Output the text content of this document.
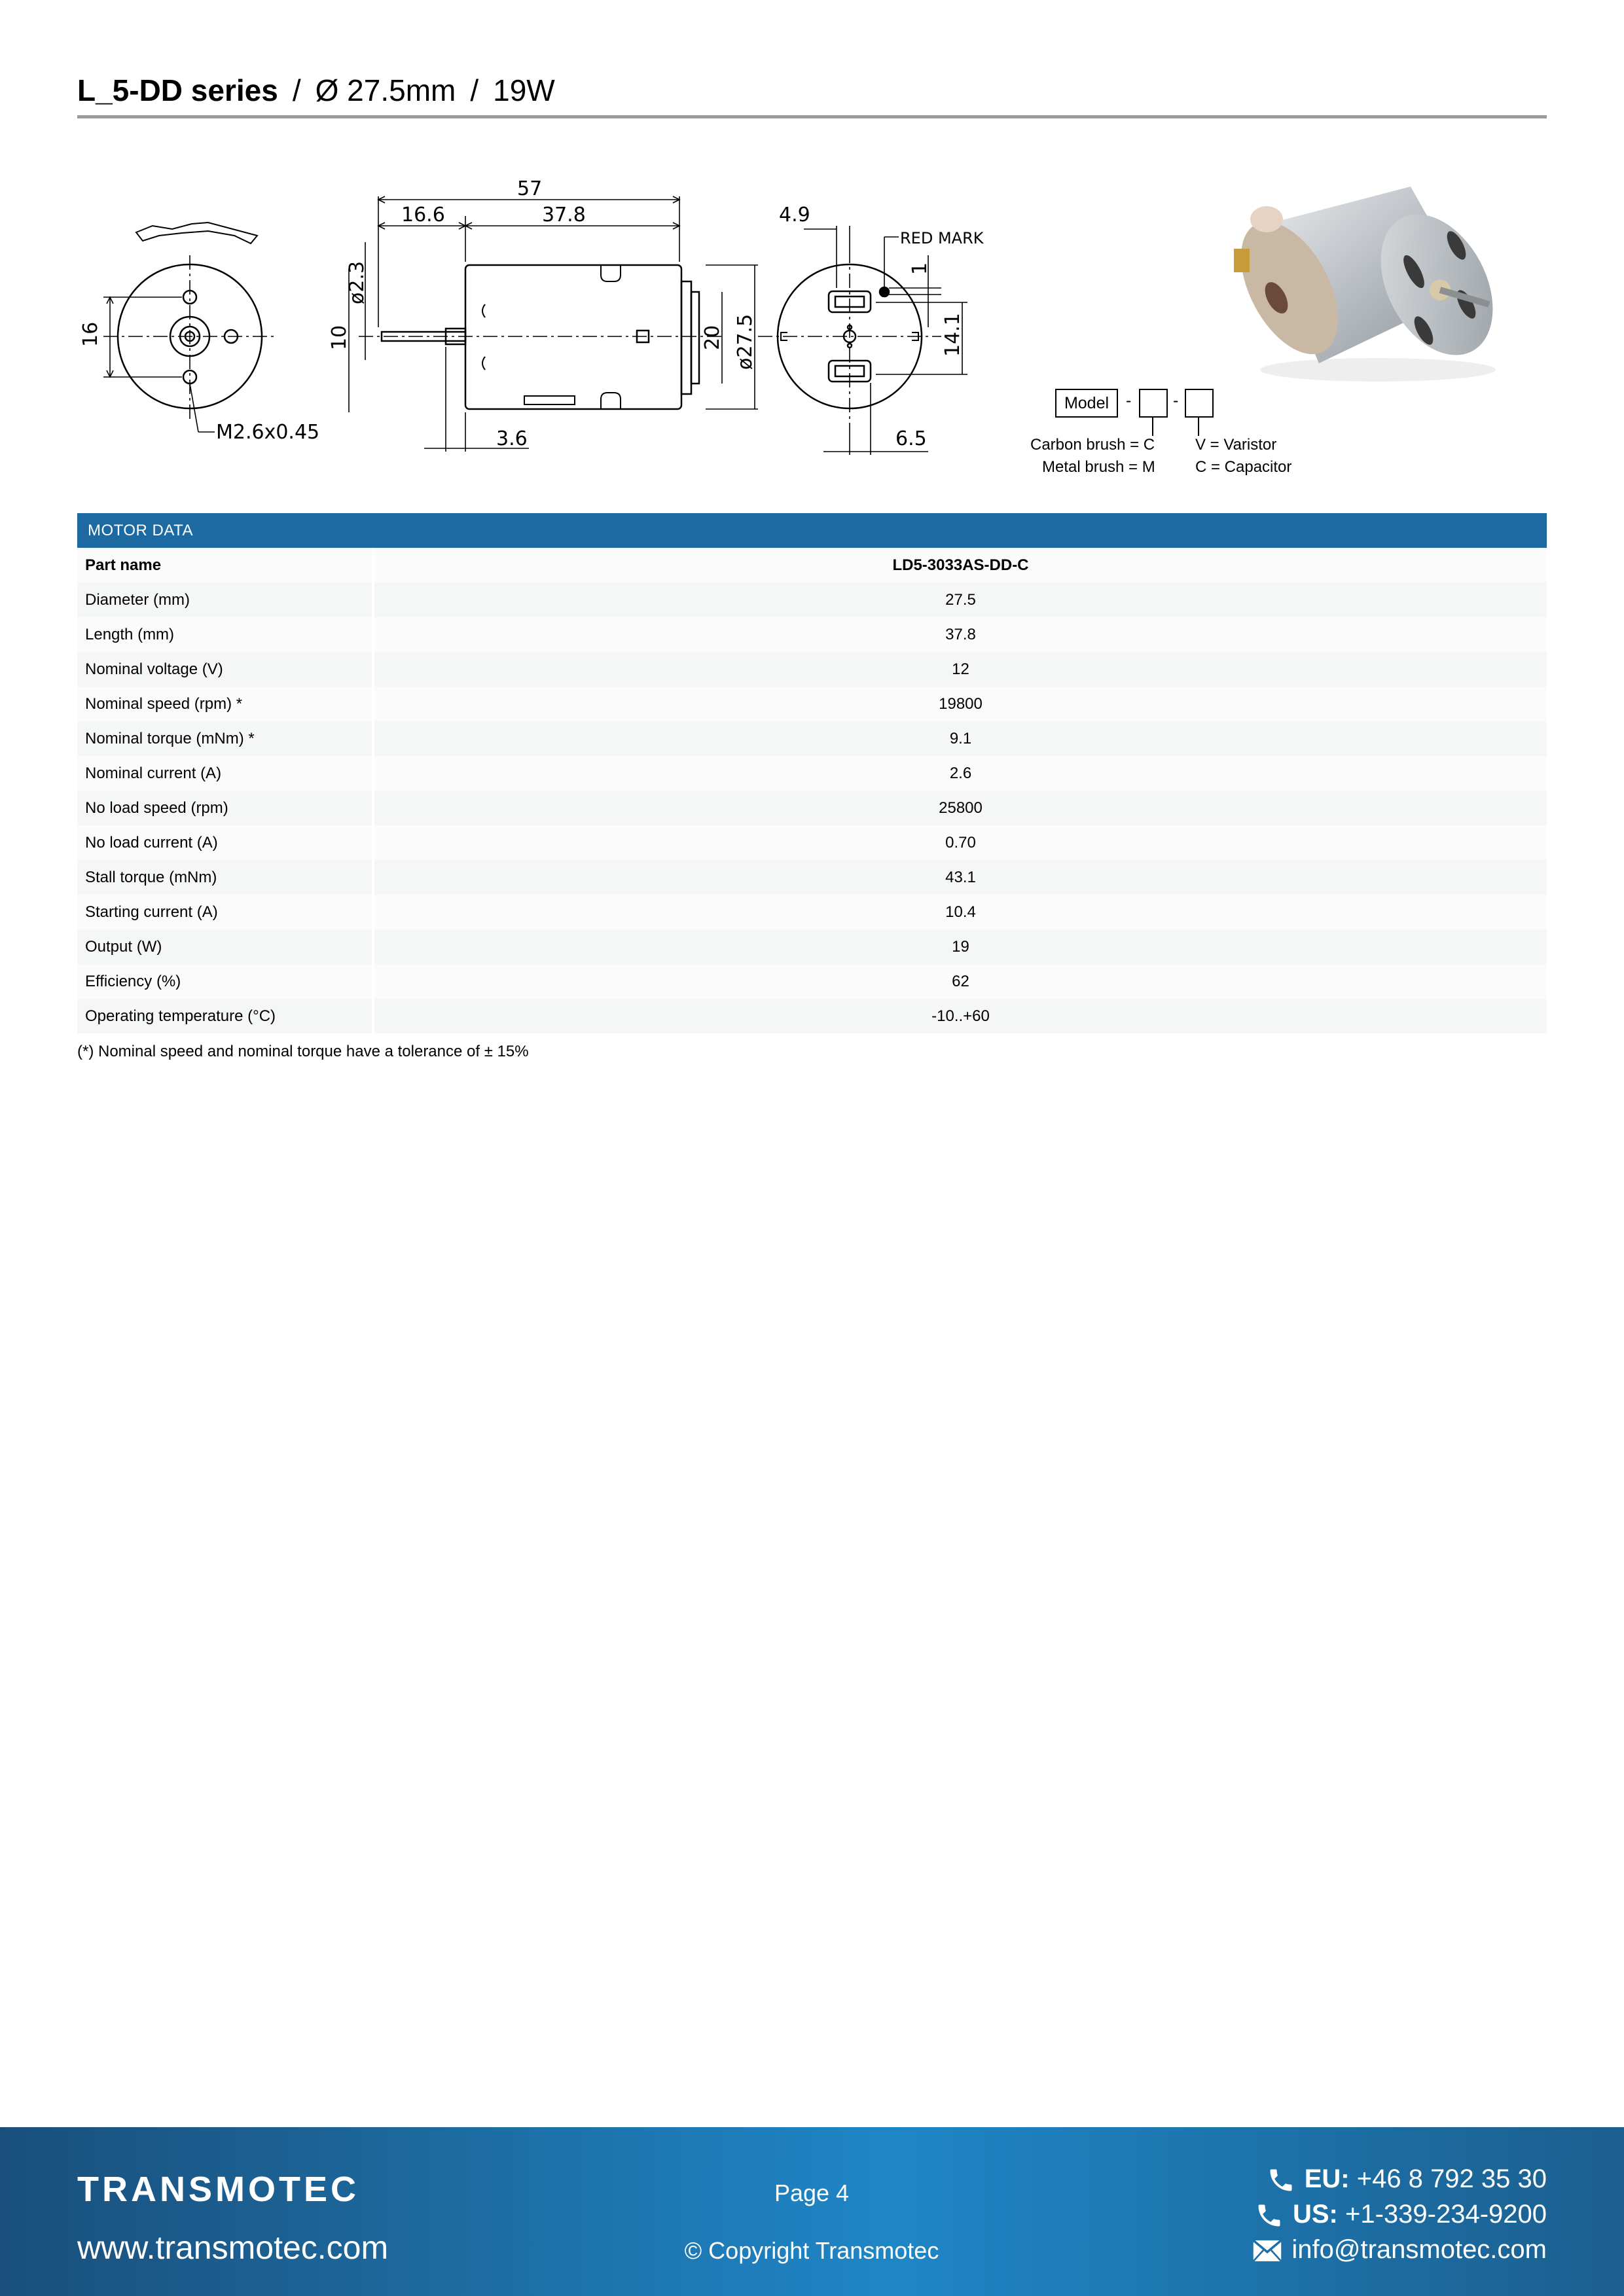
L_5-DD series / Ø 27.5mm / 19W
16
M2.6x0.45
57
16.6	37.8
ø2.3
10	20 ø27.5
3.6
4.9
RED MARK
1
14.1
6.5
Model	-	-
Carbon brush = C
Metal brush = M
V = Varistor
C = Capacitor
MOTOR DATA	
Part name	LD5-3033AS-DD-C
Diameter (mm)	27.5
Length (mm)	37.8
Nominal voltage (V)	12
Nominal speed (rpm) *	19800
Nominal torque (mNm) *	9.1
Nominal current (A)	2.6
No load speed (rpm)	25800
No load current (A)	0.70
Stall torque (mNm)	43.1
Starting current (A)	10.4
Output (W)	19
Efficiency (%)	62
Operating temperature (°C)	-10..+60
(*) Nominal speed and nominal torque have a tolerance of ± 15%
TRANSMOTEC
www.transmotec.com
Page 4
© Copyright Transmotec
EU: +46 8 792 35 30
US: +1-339-234-9200
info@transmotec.com
